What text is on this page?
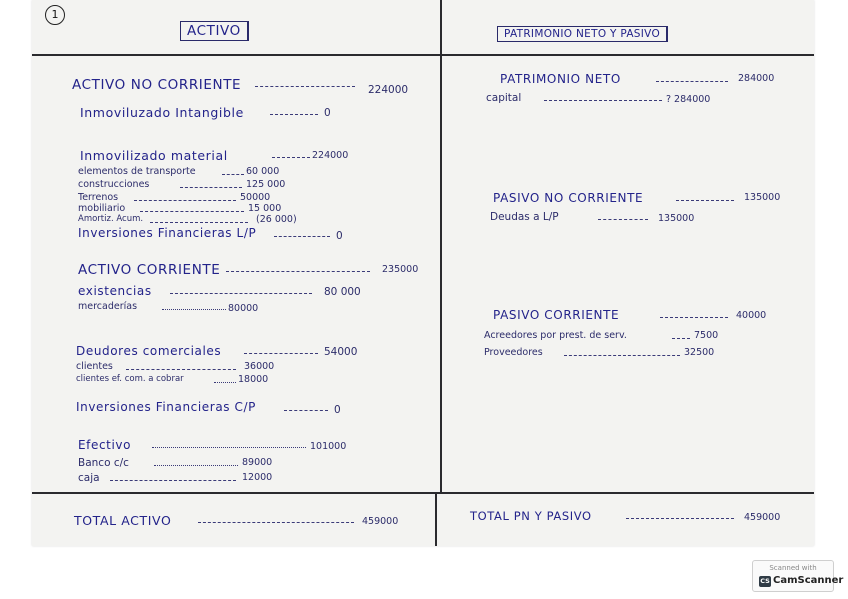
1
ACTIVO
ACTIVO NO CORRIENTE	224000
Inmoviluzado Intangible	0
Inmovilizado material	224000
elementos de transporte	60 000
construcciones	125 000
Terrenos	50000
mobiliario	15 000
Amortiz. Acum.	(26 000)
Inversiones Financieras L/P	0
ACTIVO CORRIENTE	235000
existencias	80 000
mercaderías	80000
Deudores comerciales	54000
clientes	36000
clientes ef. com. a cobrar	18000
Inversiones Financieras C/P	0
Efectivo	101000
Banco c/c	89000
caja	12000
TOTAL ACTIVO	459000
PATRIMONIO NETO Y PASIVO
PATRIMONIO NETO	284000
capital	? 284000
PASIVO NO CORRIENTE	135000
Deudas a L/P	135000
PASIVO CORRIENTE	40000
Acreedores por prest. de serv.	7500
Proveedores	32500
TOTAL PN Y PASIVO	459000
Scanned with
CS CamScanner
